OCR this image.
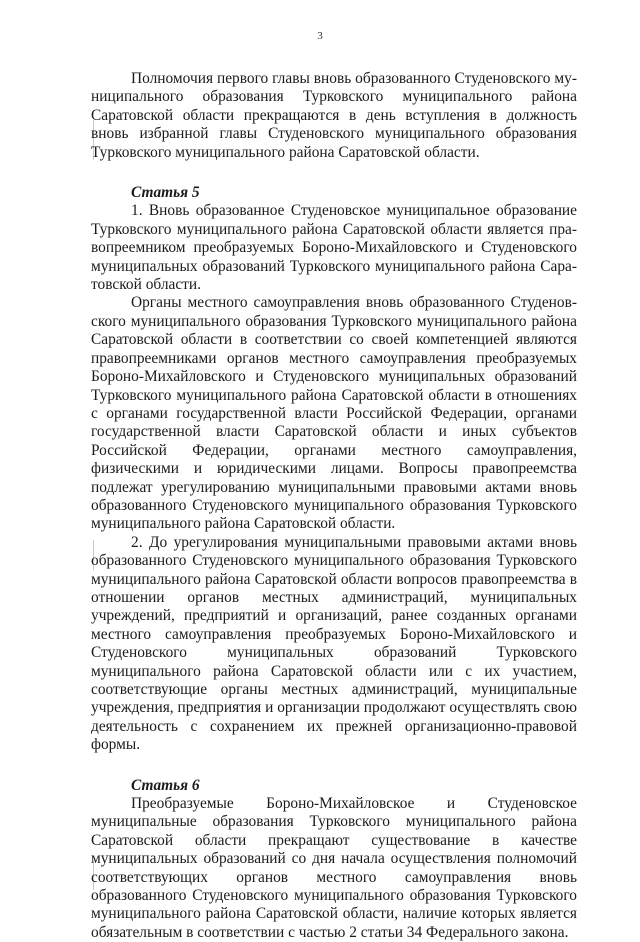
3

Полномочия первого главы вновь образованного Студеновского муниципального образования Турковского муниципального района Саратовской области прекращаются в день вступления в должность вновь избранной главы Студеновского муниципального образования Турковского муниципального района Саратовской области.

Статья 5

1. Вновь образованное Студеновское муниципальное образование Турковского муниципального района Саратовской области является правопреемником преобразуемых Бороно-Михайловского и Студеновского муниципальных образований Турковского муниципального района Саратовской области.

Органы местного самоуправления вновь образованного Студеновского муниципального образования Турковского муниципального района Саратовской области в соответствии со своей компетенцией являются правопреемниками органов местного самоуправления преобразуемых Бороно-Михайловского и Студеновского муниципальных образований Турковского муниципального района Саратовской области в отношениях с органами государственной власти Российской Федерации, органами государственной власти Саратовской области и иных субъектов Российской Федерации, органами местного самоуправления, физическими и юридическими лицами. Вопросы правопреемства подлежат урегулированию муниципальными правовыми актами вновь образованного Студеновского муниципального образования Турковского муниципального района Саратовской области.

2. До урегулирования муниципальными правовыми актами вновь образованного Студеновского муниципального образования Турковского муниципального района Саратовской области вопросов правопреемства в отношении органов местных администраций, муниципальных учреждений, предприятий и организаций, ранее созданных органами местного самоуправления преобразуемых Бороно-Михайловского и Студеновского муниципальных образований Турковского муниципального района Саратовской области или с их участием, соответствующие органы местных администраций, муниципальные учреждения, предприятия и организации продолжают осуществлять свою деятельность с сохранением их прежней организационно-правовой формы.

Статья 6

Преобразуемые Бороно-Михайловское и Студеновское муниципальные образования Турковского муниципального района Саратовской области прекращают существование в качестве муниципальных образований со дня начала осуществления полномочий соответствующих органов местного самоуправления вновь образованного Студеновского муниципального образования Турковского муниципального района Саратовской области, наличие которых является обязательным в соответствии с частью 2 статьи 34 Федерального закона.
